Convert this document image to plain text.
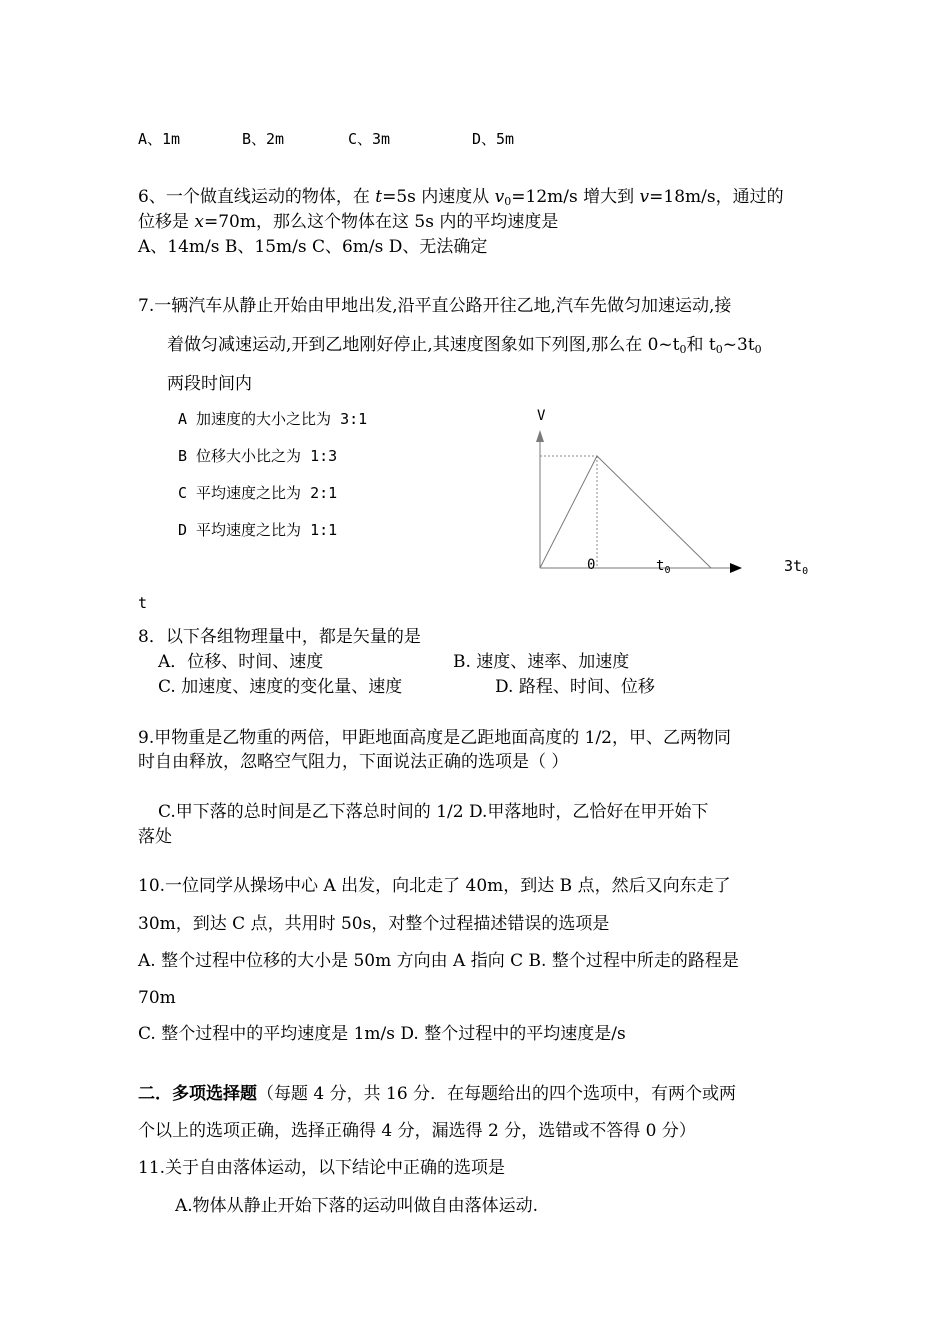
A、1m	B、2m	C、3m	D、5m
6、一个做直线运动的物体，在 t=5s 内速度从 $v_0=12m/s$ 增大到 v=18m/s，通过的
位移是 x=70m，那么这个物体在这 5s 内的平均速度是
A、14m/s B、15m/s C、6m/s D、无法确定
7.一辆汽车从静止开始由甲地出发,沿平直公路开往乙地,汽车先做匀加速运动,接
着做匀减速运动,开到乙地刚好停止,其速度图象如下列图,那么在 $0\sim t_0$和 $t_0\sim 3t_0$
两段时间内
A 加速度的大小之比为 3:1
B 位移大小比之为 1:3
C 平均速度之比为 2:1
D 平均速度之比为 1:1
V
0	$t_0$	$3t_0$
t
8．以下各组物理量中，都是矢量的是
A．位移、时间、速度	B. 速度、速率、加速度
C. 加速度、速度的变化量、速度	D. 路程、时间、位移
9.甲物重是乙物重的两倍，甲距地面高度是乙距地面高度的 1/2，甲、乙两物同
时自由释放，忽略空气阻力，下面说法正确的选项是（ ）
C.甲下落的总时间是乙下落总时间的 1/2 D.甲落地时，乙恰好在甲开始下
落处
10.一位同学从操场中心 A 出发，向北走了 40m，到达 B 点，然后又向东走了
30m，到达 C 点，共用时 50s，对整个过程描述错误的选项是
A. 整个过程中位移的大小是 50m 方向由 A 指向 C B. 整个过程中所走的路程是
70m
C. 整个过程中的平均速度是 1m/s D. 整个过程中的平均速度是/s
二．多项选择题（每题 4 分，共 16 分．在每题给出的四个选项中，有两个或两
个以上的选项正确，选择正确得 4 分，漏选得 2 分，选错或不答得 0 分）
11.关于自由落体运动，以下结论中正确的选项是
A.物体从静止开始下落的运动叫做自由落体运动.
